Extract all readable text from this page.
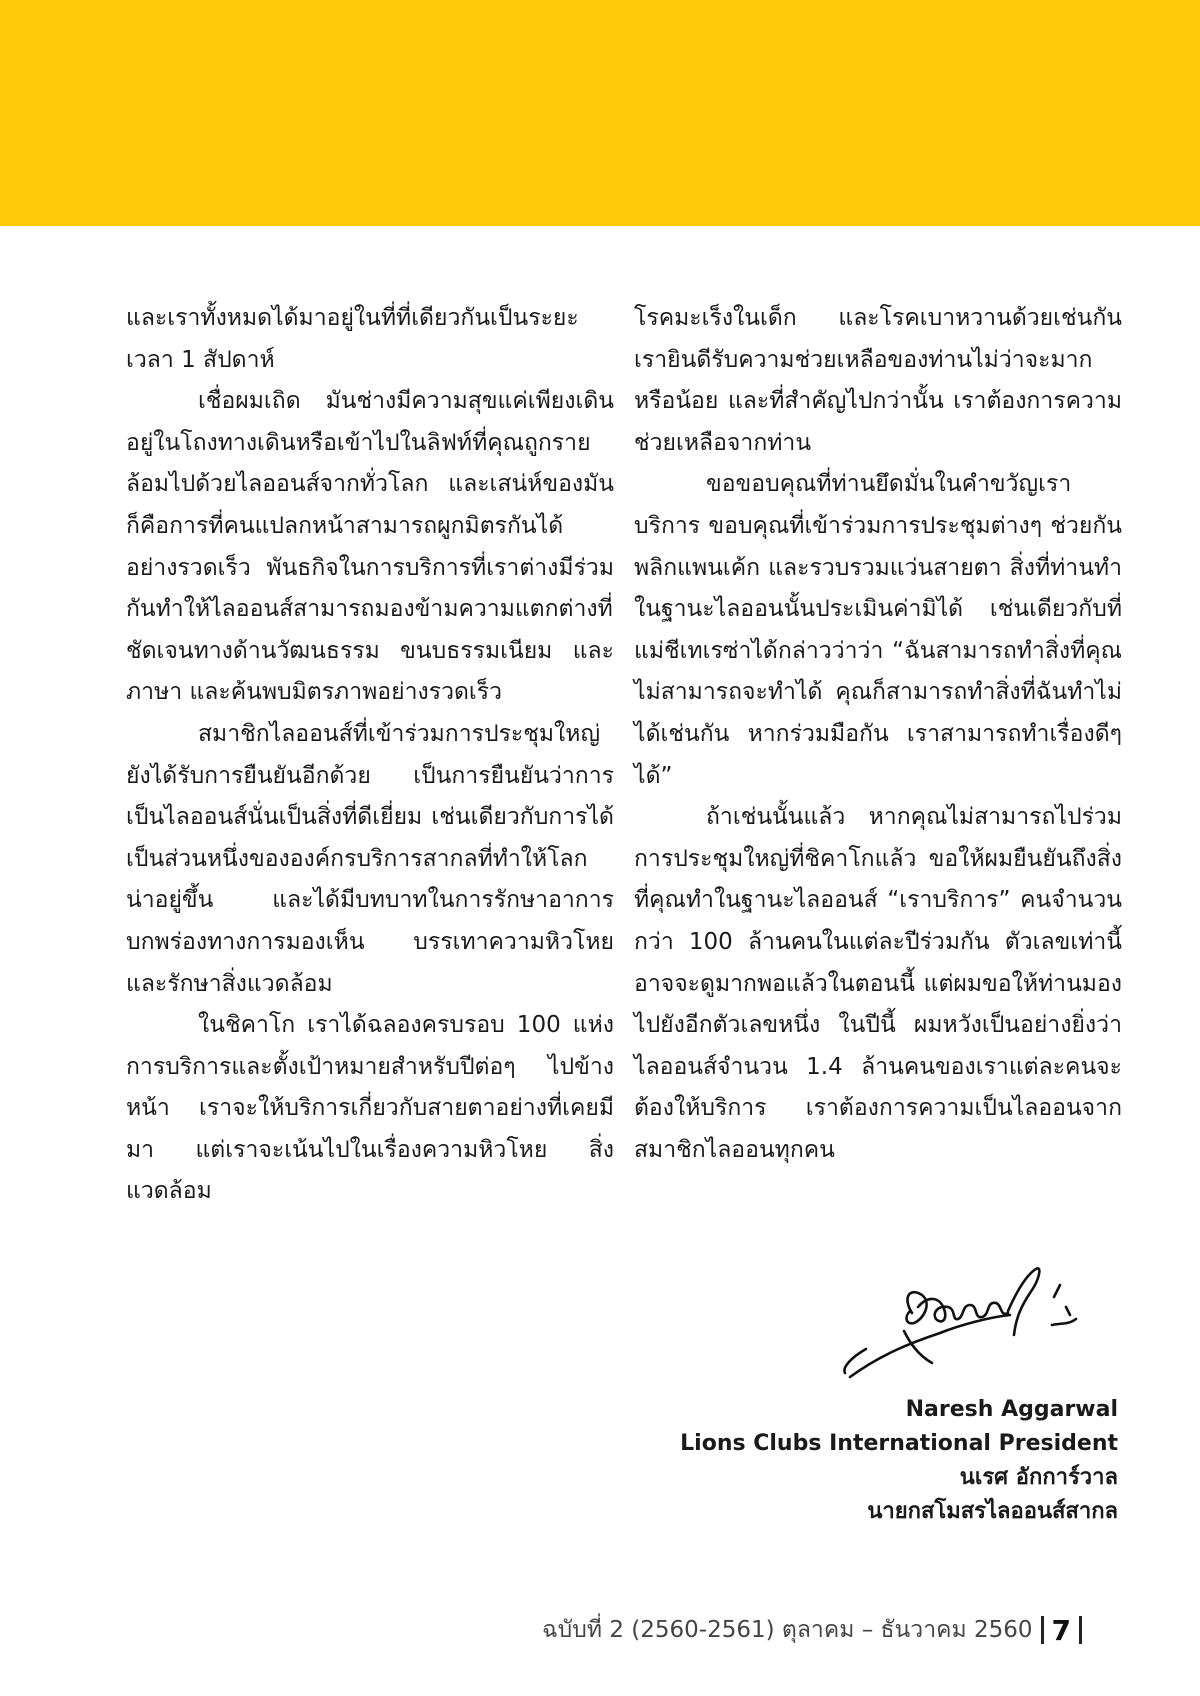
และเราทั้งหมดได้มาอยู่ในที่ที่เดียวกันเป็นระยะ เวลา 1 สัปดาห์

เชื่อผมเถิด มันช่างมีความสุขแค่เพียงเดินอยู่ในโถงทางเดินหรือเข้าไปในลิฟท์ที่คุณถูกรายล้อมไปด้วยไลออนส์จากทั่วโลก และเสน่ห์ของมันก็คือการที่คนแปลกหน้าสามารถผูกมิตรกันได้อย่างรวดเร็ว พันธกิจในการบริการที่เราต่างมีร่วมกันทำให้ไลออนส์สามารถมองข้ามความแตกต่างที่ชัดเจนทางด้านวัฒนธรรม ขนบธรรมเนียม และภาษา และค้นพบมิตรภาพอย่างรวดเร็ว

สมาชิกไลออนส์ที่เข้าร่วมการประชุมใหญ่ยังได้รับการยืนยันอีกด้วย เป็นการยืนยันว่าการเป็นไลออนส์นั่นเป็นสิ่งที่ดีเยี่ยม เช่นเดียวกับการได้เป็นส่วนหนึ่งขององค์กรบริการสากลที่ทำให้โลกน่าอยู่ขึ้น และได้มีบทบาทในการรักษาอาการบกพร่องทางการมองเห็น บรรเทาความหิวโหย และรักษาสิ่งแวดล้อม

ในชิคาโก เราได้ฉลองครบรอบ 100 แห่งการบริการและตั้งเป้าหมายสำหรับปีต่อๆ ไปข้างหน้า เราจะให้บริการเกี่ยวกับสายตาอย่างที่เคยมีมา แต่เราจะเน้นไปในเรื่องความหิวโหย สิ่งแวดล้อม

โรคมะเร็งในเด็ก และโรคเบาหวานด้วยเช่นกัน เรายินดีรับความช่วยเหลือของท่านไม่ว่าจะมากหรือน้อย และที่สำคัญไปกว่านั้น เราต้องการความช่วยเหลือจากท่าน

ขอขอบคุณที่ท่านยึดมั่นในคำขวัญเราบริการ ขอบคุณที่เข้าร่วมการประชุมต่างๆ ช่วยกันพลิกแพนเค้ก และรวบรวมแว่นสายตา สิ่งที่ท่านทำในฐานะไลออนนั้นประเมินค่ามิได้ เช่นเดียวกับที่แม่ชีเทเรซ่าได้กล่าวว่าว่า “ฉันสามารถทำสิ่งที่คุณไม่สามารถจะทำได้ คุณก็สามารถทำสิ่งที่ฉันทำไม่ได้เช่นกัน หากร่วมมือกัน เราสามารถทำเรื่องดีๆได้”

ถ้าเช่นนั้นแล้ว หากคุณไม่สามารถไปร่วมการประชุมใหญ่ที่ชิคาโกแล้ว ขอให้ผมยืนยันถึงสิ่งที่คุณทำในฐานะไลออนส์ “เราบริการ” คนจำนวนกว่า 100 ล้านคนในแต่ละปีร่วมกัน ตัวเลขเท่านี้อาจจะดูมากพอแล้วในตอนนี้ แต่ผมขอให้ท่านมองไปยังอีกตัวเลขหนึ่ง ในปีนี้ ผมหวังเป็นอย่างยิ่งว่าไลออนส์จำนวน 1.4 ล้านคนของเราแต่ละคนจะต้องให้บริการ เราต้องการความเป็นไลออนจากสมาชิกไลออนทุกคน

Naresh Aggarwal
Lions Clubs International President
นเรศ อักการ์วาล
นายกสโมสรไลออนส์สากล
ฉบับที่ 2 (2560-2561) ตุลาคม – ธันวาคม 2560 7
